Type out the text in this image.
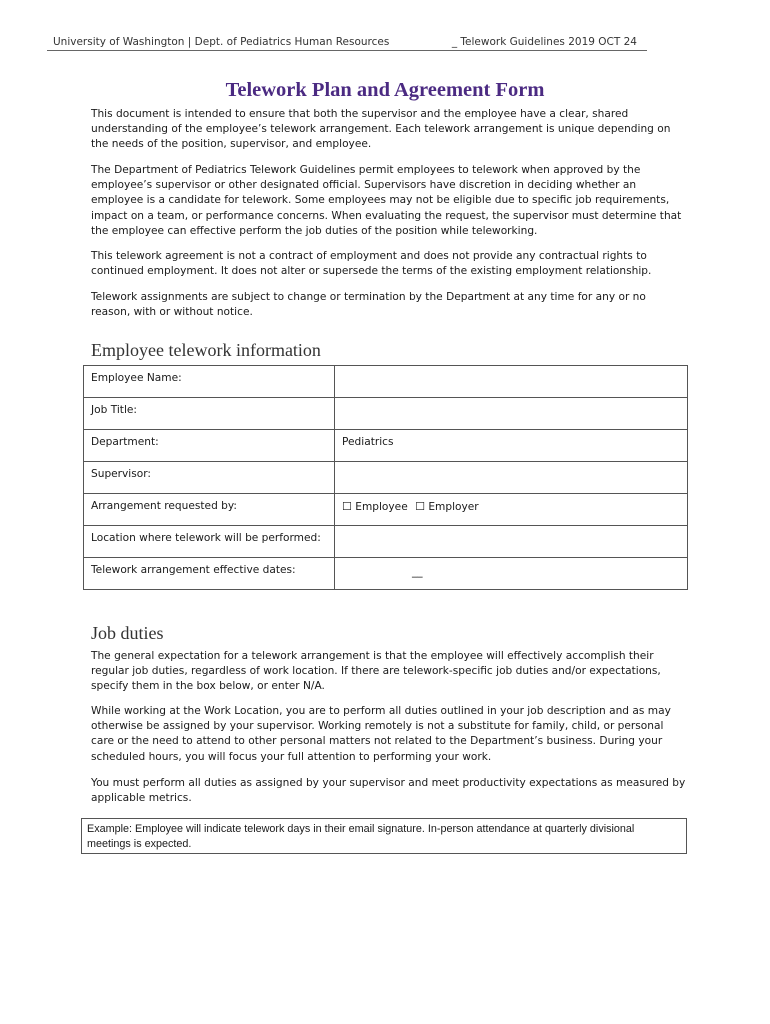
University of Washington | Dept. of Pediatrics Human Resources	_ Telework Guidelines 2019 OCT 24
Telework Plan and Agreement Form

This document is intended to ensure that both the supervisor and the employee have a clear, shared understanding of the employee’s telework arrangement. Each telework arrangement is unique depending on the needs of the position, supervisor, and employee.

The Department of Pediatrics Telework Guidelines permit employees to telework when approved by the employee’s supervisor or other designated official. Supervisors have discretion in deciding whether an employee is a candidate for telework. Some employees may not be eligible due to specific job requirements, impact on a team, or performance concerns. When evaluating the request, the supervisor must determine that the employee can effective perform the job duties of the position while teleworking.

This telework agreement is not a contract of employment and does not provide any contractual rights to continued employment. It does not alter or supersede the terms of the existing employment relationship.

Telework assignments are subject to change or termination by the Department at any time for any or no reason, with or without notice.

Employee telework information
Employee Name:	
Job Title:	
Department:	Pediatrics
Supervisor:	
Arrangement requested by:	☐ Employee ☐ Employer
Location where telework will be performed:	
Telework arrangement effective dates:	__
Job duties

The general expectation for a telework arrangement is that the employee will effectively accomplish their regular job duties, regardless of work location. If there are telework-specific job duties and/or expectations, specify them in the box below, or enter N/A.

While working at the Work Location, you are to perform all duties outlined in your job description and as may otherwise be assigned by your supervisor. Working remotely is not a substitute for family, child, or personal care or the need to attend to other personal matters not related to the Department’s business. During your scheduled hours, you will focus your full attention to performing your work.

You must perform all duties as assigned by your supervisor and meet productivity expectations as measured by applicable metrics.

Example: Employee will indicate telework days in their email signature. In-person attendance at quarterly divisional meetings is expected.
